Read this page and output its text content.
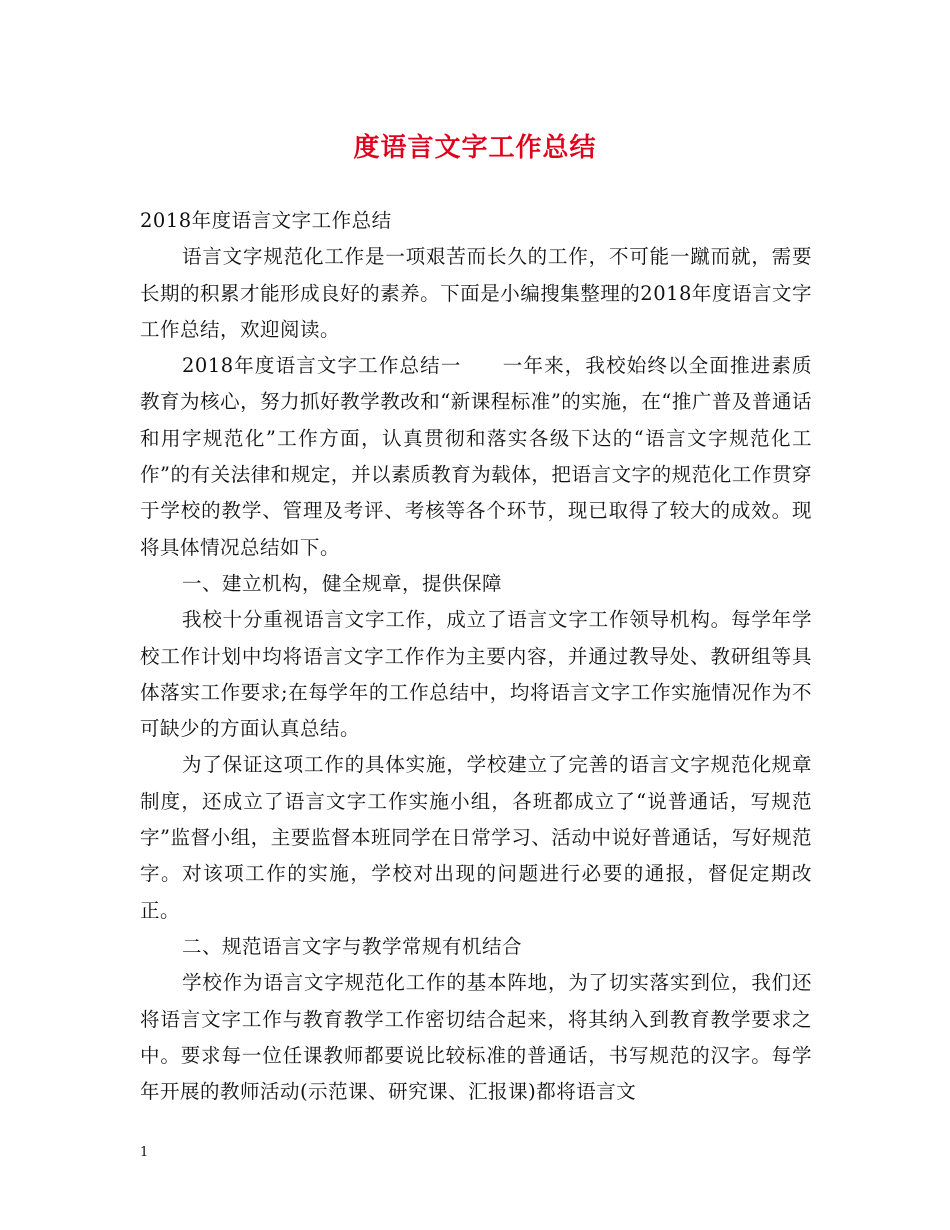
度语言文字工作总结

2018年度语言文字工作总结

语言文字规范化工作是一项艰苦而长久的工作，不可能一蹴而就，需要长期的积累才能形成良好的素养。下面是小编搜集整理的2018年度语言文字工作总结，欢迎阅读。

2018年度语言文字工作总结一　　一年来，我校始终以全面推进素质教育为核心，努力抓好教学教改和“新课程标准”的实施，在“推广普及普通话和用字规范化”工作方面，认真贯彻和落实各级下达的“语言文字规范化工作”的有关法律和规定，并以素质教育为载体，把语言文字的规范化工作贯穿于学校的教学、管理及考评、考核等各个环节，现已取得了较大的成效。现将具体情况总结如下。

一、建立机构，健全规章，提供保障

我校十分重视语言文字工作，成立了语言文字工作领导机构。每学年学校工作计划中均将语言文字工作作为主要内容，并通过教导处、教研组等具体落实工作要求;在每学年的工作总结中，均将语言文字工作实施情况作为不可缺少的方面认真总结。

为了保证这项工作的具体实施，学校建立了完善的语言文字规范化规章制度，还成立了语言文字工作实施小组，各班都成立了“说普通话，写规范字”监督小组，主要监督本班同学在日常学习、活动中说好普通话，写好规范字。对该项工作的实施，学校对出现的问题进行必要的通报，督促定期改正。

二、规范语言文字与教学常规有机结合

学校作为语言文字规范化工作的基本阵地，为了切实落实到位，我们还将语言文字工作与教育教学工作密切结合起来，将其纳入到教育教学要求之中。要求每一位任课教师都要说比较标准的普通话，书写规范的汉字。每学年开展的教师活动(示范课、研究课、汇报课)都将语言文

1
